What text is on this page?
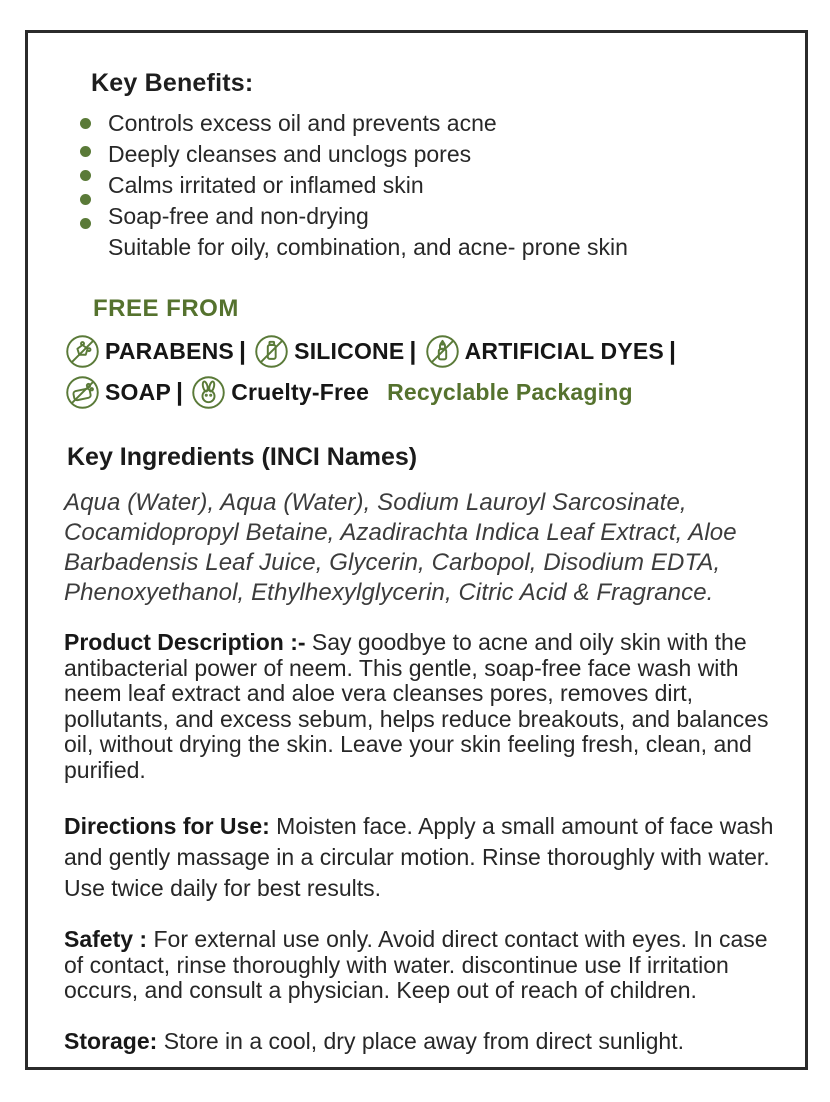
Key Benefits:
Controls excess oil and prevents acne
Deeply cleanses and unclogs pores
Calms irritated or inflamed skin
Soap-free and non-drying
Suitable for oily, combination, and acne- prone skin
FREE FROM
PARABENS | SILICONE | ARTIFICIAL DYES |
SOAP | Cruelty-Free Recyclable Packaging
Key Ingredients (INCI Names)
Aqua (Water), Aqua (Water), Sodium Lauroyl Sarcosinate, Cocamidopropyl Betaine, Azadirachta Indica Leaf Extract, Aloe Barbadensis Leaf Juice, Glycerin, Carbopol, Disodium EDTA, Phenoxyethanol, Ethylhexylglycerin, Citric Acid & Fragrance.

Product Description :- Say goodbye to acne and oily skin with the antibacterial power of neem. This gentle, soap-free face wash with neem leaf extract and aloe vera cleanses pores, removes dirt, pollutants, and excess sebum, helps reduce breakouts, and balances oil, without drying the skin. Leave your skin feeling fresh, clean, and purified.

Directions for Use: Moisten face. Apply a small amount of face wash and gently massage in a circular motion. Rinse thoroughly with water. Use twice daily for best results.

Safety : For external use only. Avoid direct contact with eyes. In case of contact, rinse thoroughly with water. discontinue use If irritation occurs, and consult a physician. Keep out of reach of children.

Storage: Store in a cool, dry place away from direct sunlight.
